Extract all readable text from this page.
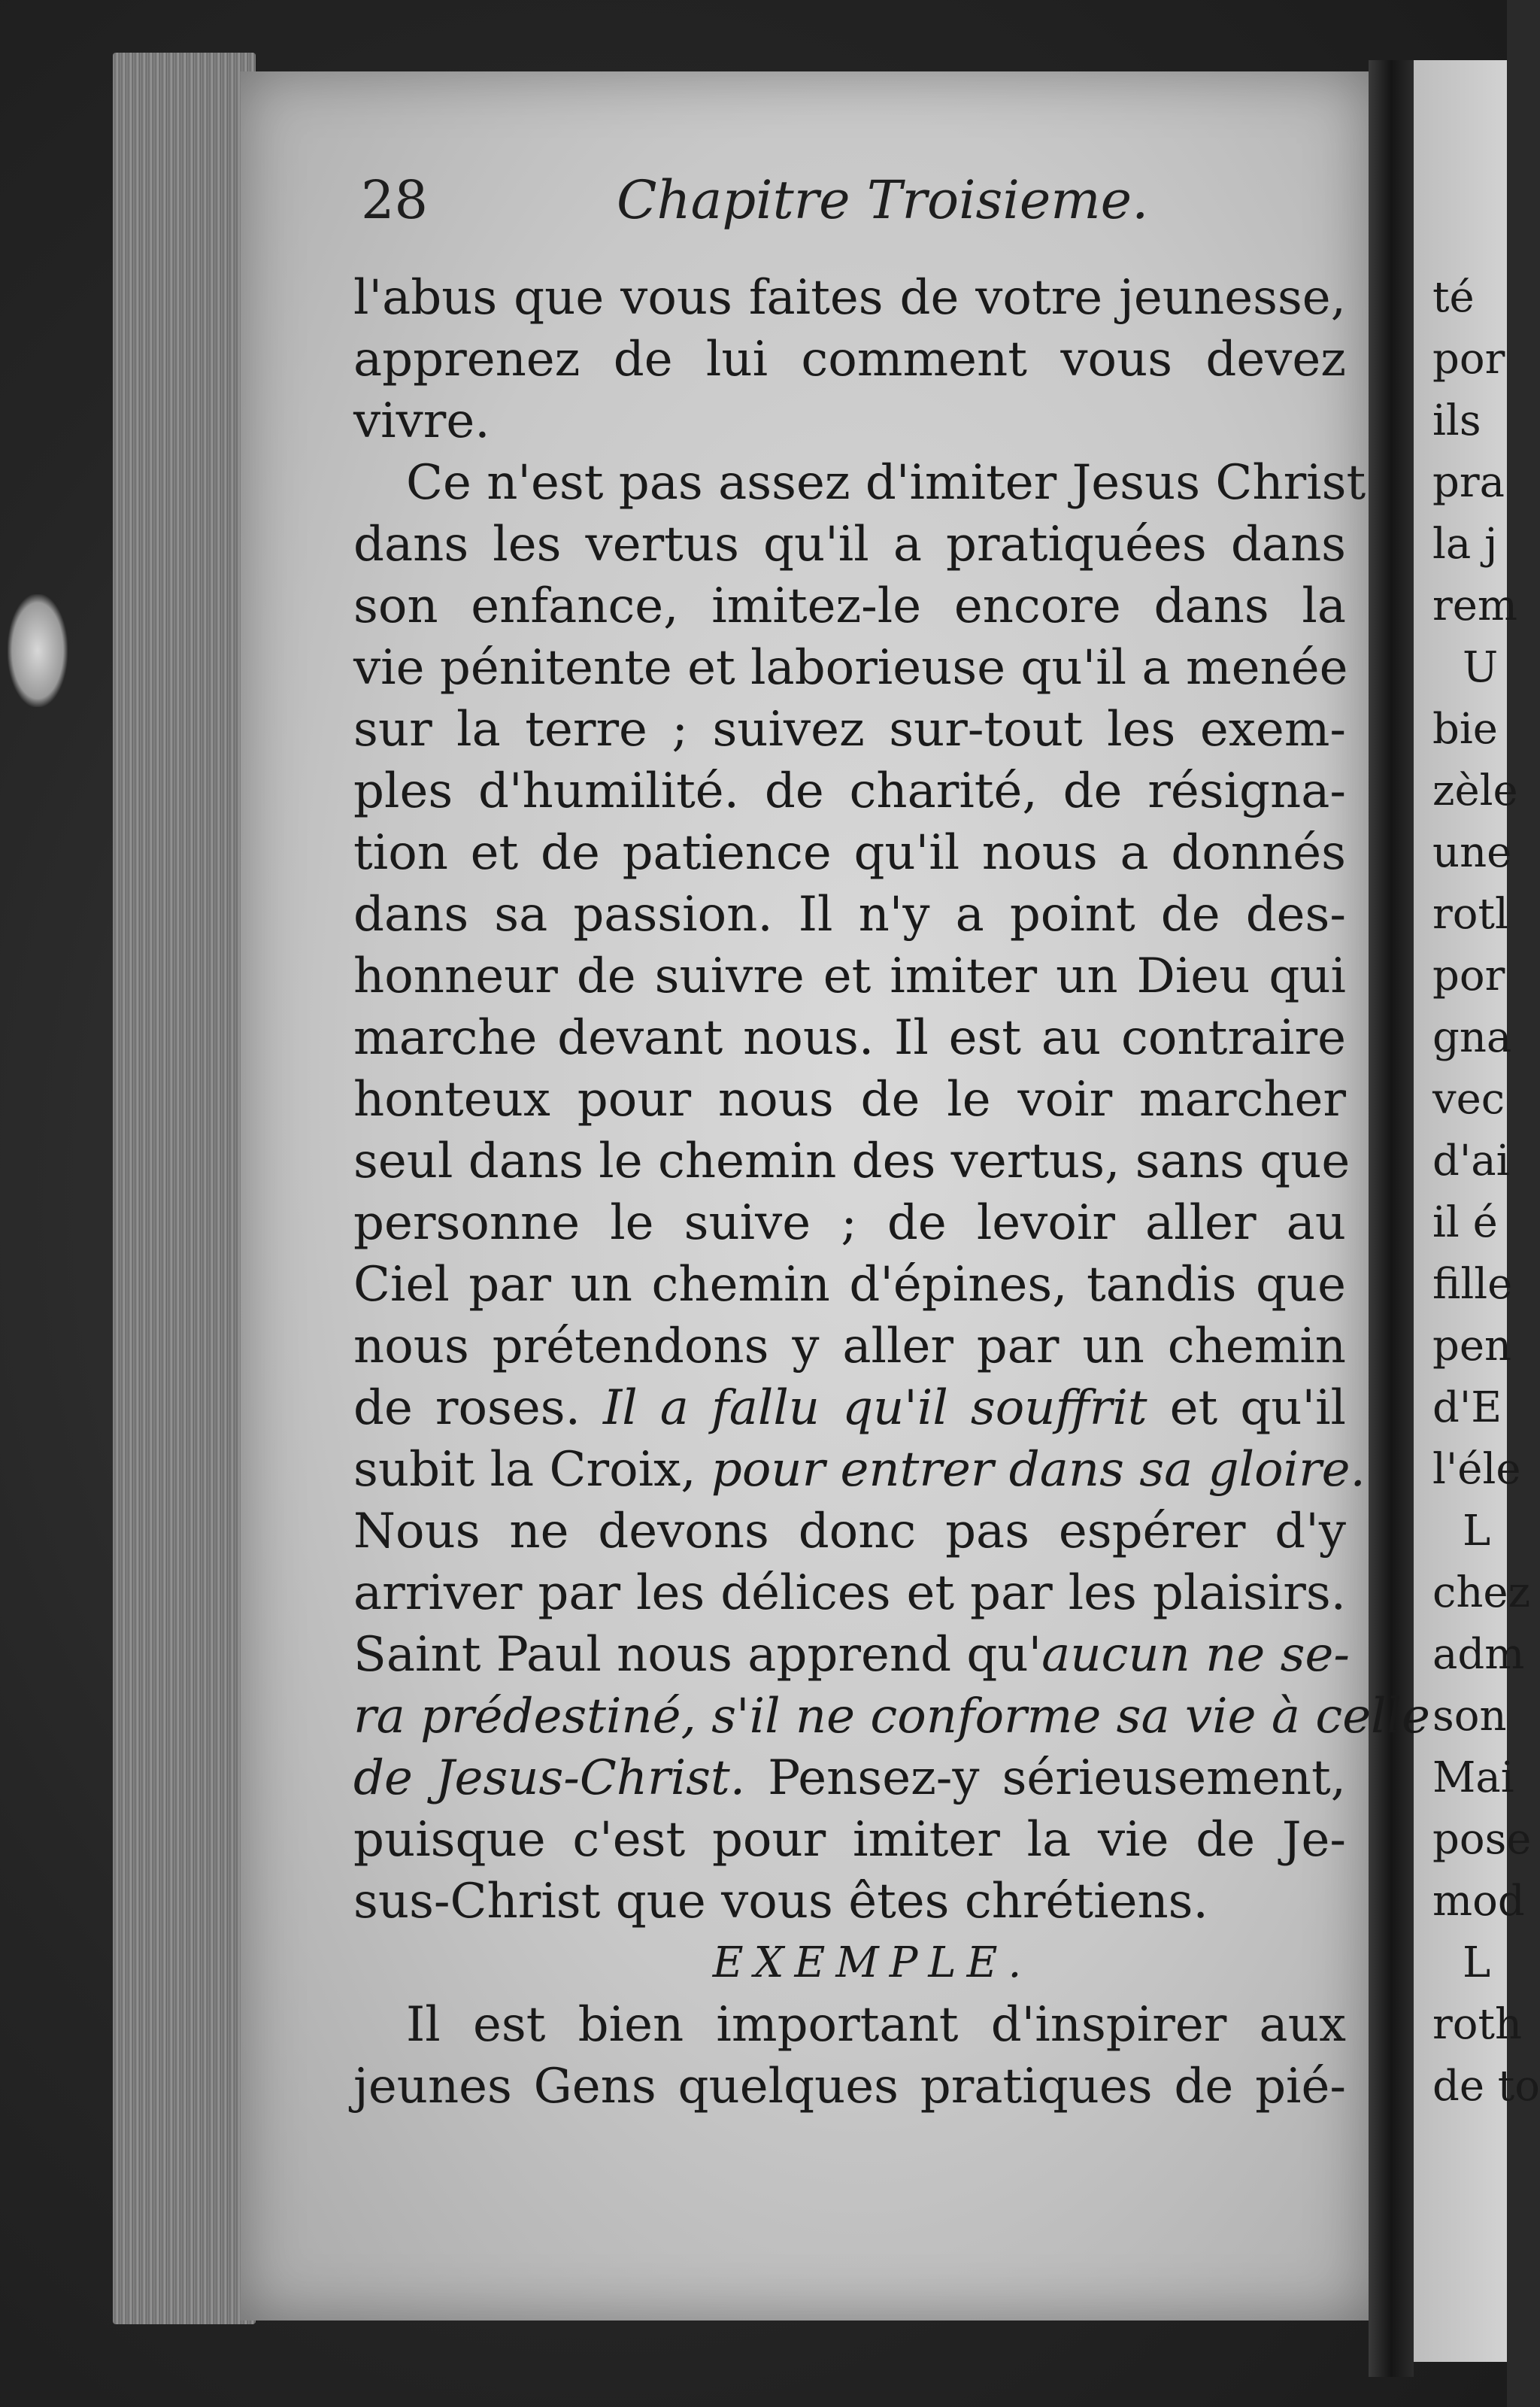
28	Chapitre Troisieme.
l'abus que vous faites de votre jeunesse,
apprenez de lui comment vous devez
vivre.
Ce n'est pas assez d'imiter Jesus Christ
dans les vertus qu'il a pratiquées dans
son enfance, imitez-le encore dans la
vie pénitente et laborieuse qu'il a menée
sur la terre ; suivez sur-tout les exem-
ples d'humilité. de charité, de résigna-
tion et de patience qu'il nous a donnés
dans sa passion. Il n'y a point de des-
honneur de suivre et imiter un Dieu qui
marche devant nous. Il est au contraire
honteux pour nous de le voir marcher
seul dans le chemin des vertus, sans que
personne le suive ; de levoir aller au
Ciel par un chemin d'épines, tandis que
nous prétendons y aller par un chemin
de roses. Il a fallu qu'il souffrit et qu'il
subit la Croix, pour entrer dans sa gloire.
Nous ne devons donc pas espérer d'y
arriver par les délices et par les plaisirs.
Saint Paul nous apprend qu'aucun ne se-
ra prédestiné, s'il ne conforme sa vie à celle
de Jesus-Christ. Pensez-y sérieusement,
puisque c'est pour imiter la vie de Je-
sus-Christ que vous êtes chrétiens.
EXEMPLE.
Il est bien important d'inspirer aux
jeunes Gens quelques pratiques de pié-
té
por
ils
pra
la j
rem
U
bie
zèle
une
rotl
por
gna
vec
d'ai
il é
fille
pen
d'E
l'éle
L
chez
adm
son
Mai
pose
mod
L
roth
de to
